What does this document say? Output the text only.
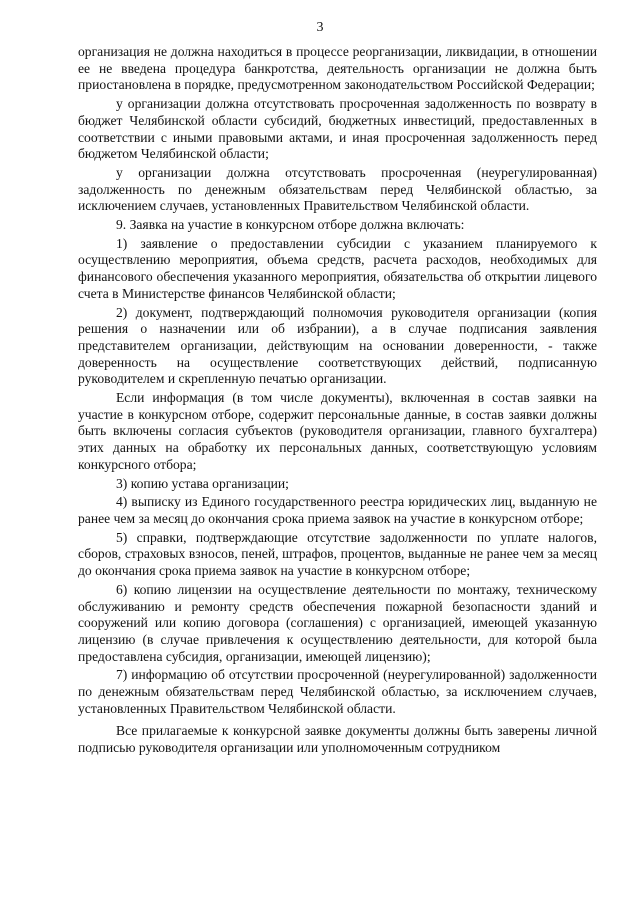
3

организация не должна находиться в процессе реорганизации, ликвидации, в отношении ее не введена процедура банкротства, деятельность организации не должна быть приостановлена в порядке, предусмотренном законодательством Российской Федерации;

у организации должна отсутствовать просроченная задолженность по возврату в бюджет Челябинской области субсидий, бюджетных инвестиций, предоставленных в соответствии с иными правовыми актами, и иная просроченная задолженность перед бюджетом Челябинской области;

у организации должна отсутствовать просроченная (неурегулированная) задолженность по денежным обязательствам перед Челябинской областью, за исключением случаев, установленных Правительством Челябинской области.

9. Заявка на участие в конкурсном отборе должна включать:

1) заявление о предоставлении субсидии с указанием планируемого к осуществлению мероприятия, объема средств, расчета расходов, необходимых для финансового обеспечения указанного мероприятия, обязательства об открытии лицевого счета в Министерстве финансов Челябинской области;

2) документ, подтверждающий полномочия руководителя организации (копия решения о назначении или об избрании), а в случае подписания заявления представителем организации, действующим на основании доверенности, - также доверенность на осуществление соответствующих действий, подписанную руководителем и скрепленную печатью организации.

Если информация (в том числе документы), включенная в состав заявки на участие в конкурсном отборе, содержит персональные данные, в состав заявки должны быть включены согласия субъектов (руководителя организации, главного бухгалтера) этих данных на обработку их персональных данных, соответствующую условиям конкурсного отбора;

3) копию устава организации;

4) выписку из Единого государственного реестра юридических лиц, выданную не ранее чем за месяц до окончания срока приема заявок на участие в конкурсном отборе;

5) справки, подтверждающие отсутствие задолженности по уплате налогов, сборов, страховых взносов, пеней, штрафов, процентов, выданные не ранее чем за месяц до окончания срока приема заявок на участие в конкурсном отборе;

6) копию лицензии на осуществление деятельности по монтажу, техническому обслуживанию и ремонту средств обеспечения пожарной безопасности зданий и сооружений или копию договора (соглашения) с организацией, имеющей указанную лицензию (в случае привлечения к осуществлению деятельности, для которой была предоставлена субсидия, организации, имеющей лицензию);

7) информацию об отсутствии просроченной (неурегулированной) задолженности по денежным обязательствам перед Челябинской областью, за исключением случаев, установленных Правительством Челябинской области.

Все прилагаемые к конкурсной заявке документы должны быть заверены личной подписью руководителя организации или уполномоченным сотрудником
